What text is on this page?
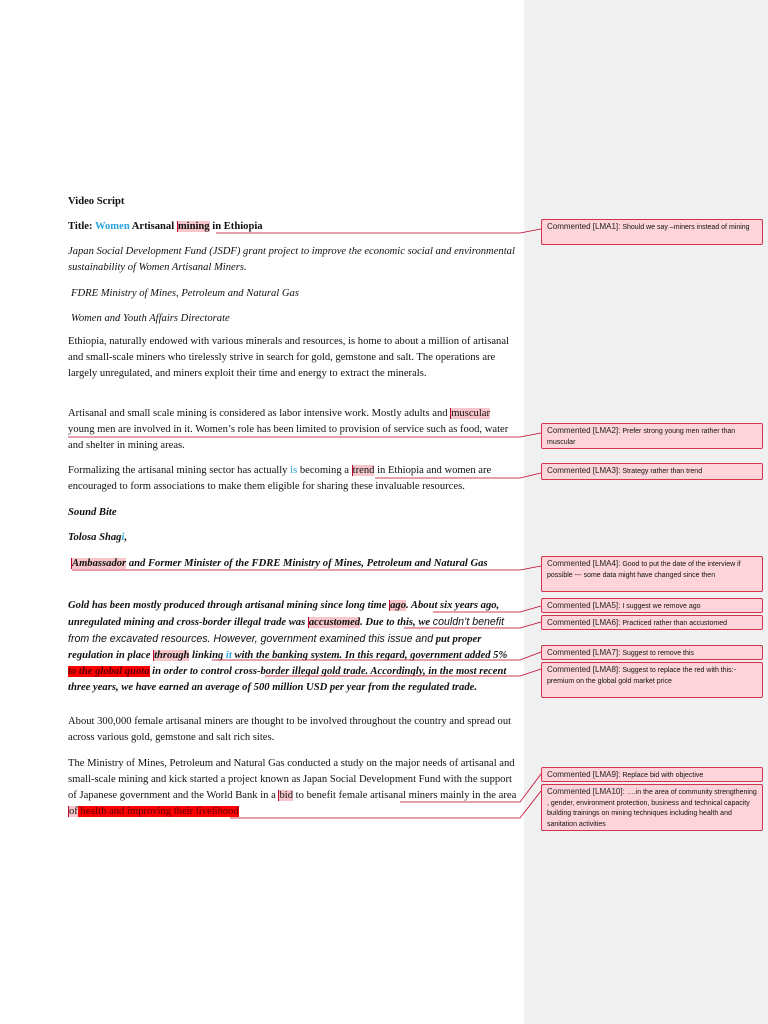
Video Script

Title: Women Artisanal mining in Ethiopia

Japan Social Development Fund (JSDF) grant project to improve the economic social and environmental sustainability of Women Artisanal Miners.

FDRE Ministry of Mines, Petroleum and Natural Gas

Women and Youth Affairs Directorate

Ethiopia, naturally endowed with various minerals and resources, is home to about a million of artisanal and small-scale miners who tirelessly strive in search for gold, gemstone and salt. The operations are largely unregulated, and miners exploit their time and energy to extract the minerals.

Artisanal and small scale mining is considered as labor intensive work. Mostly adults and muscular young men are involved in it. Women’s role has been limited to provision of service such as food, water and shelter in mining areas.

Formalizing the artisanal mining sector has actually is becoming a trend in Ethiopia and women are encouraged to form associations to make them eligible for sharing these invaluable resources.

Sound Bite

Tolosa Shagi,

Ambassador and Former Minister of the FDRE Ministry of Mines, Petroleum and Natural Gas

Gold has been mostly produced through artisanal mining since long time ago. About six years ago, unregulated mining and cross-border illegal trade was accustomed. Due to this, we couldn’t benefit from the excavated resources. However, government examined this issue and put proper regulation in place through linking it with the banking system. In this regard, government added 5% to the global quota in order to control cross-border illegal gold trade. Accordingly, in the most recent three years, we have earned an average of 500 million USD per year from the regulated trade.

About 300,000 female artisanal miners are thought to be involved throughout the country and spread out across various gold, gemstone and salt rich sites.

The Ministry of Mines, Petroleum and Natural Gas conducted a study on the major needs of artisanal and small-scale mining and kick started a project known as Japan Social Development Fund with the support of Japanese government and the World Bank in a bid to benefit female artisanal miners mainly in the area of health and improving their livelihood

Commented [LMA1]: Should we say –miners instead of mining
Commented [LMA2]: Prefer strong young men rather than muscular
Commented [LMA3]: Strategy rather than trend
Commented [LMA4]: Good to put the date of the interview if possible --- some data might have changed since then
Commented [LMA5]: I suggest we remove ago
Commented [LMA6]: Practiced rather than accustomed
Commented [LMA7]: Suggest to remove this
Commented [LMA8]: Suggest to replace the red with this:- premium on the global gold market price
Commented [LMA9]: Replace bid with objective
Commented [LMA10]: ….in the area of community strengthening , gender, environment protection, business and technical capacity building trainings on mining techniques including health and sanitation activities
